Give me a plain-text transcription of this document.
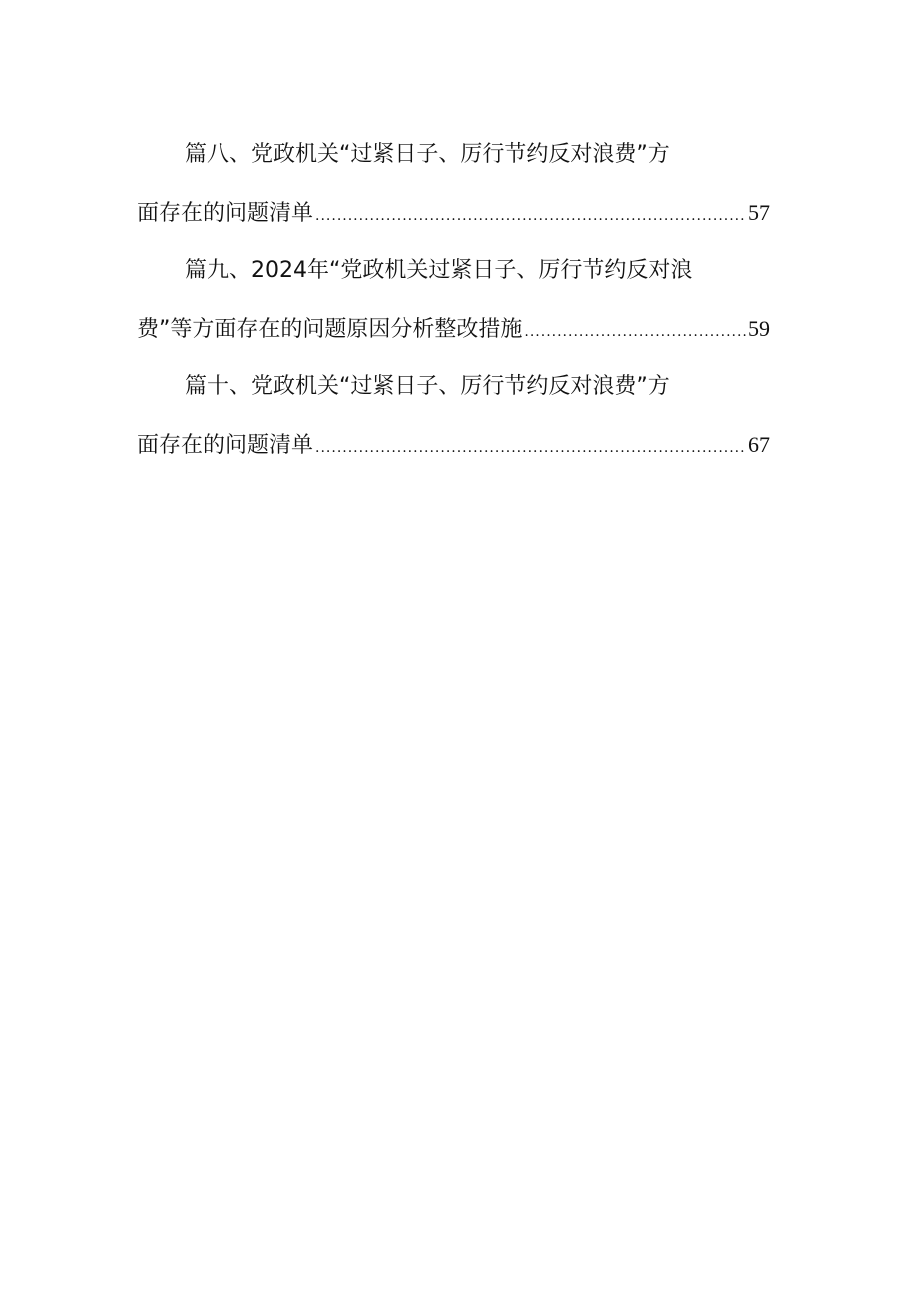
篇八、党政机关“过紧日子、厉行节约反对浪费”方
面存在的问题清单 .....	57
篇九、2024年“党政机关过紧日子、厉行节约反对浪
费”等方面存在的问题原因分析整改措施 .....	59
篇十、党政机关“过紧日子、厉行节约反对浪费”方
面存在的问题清单 .....	67
